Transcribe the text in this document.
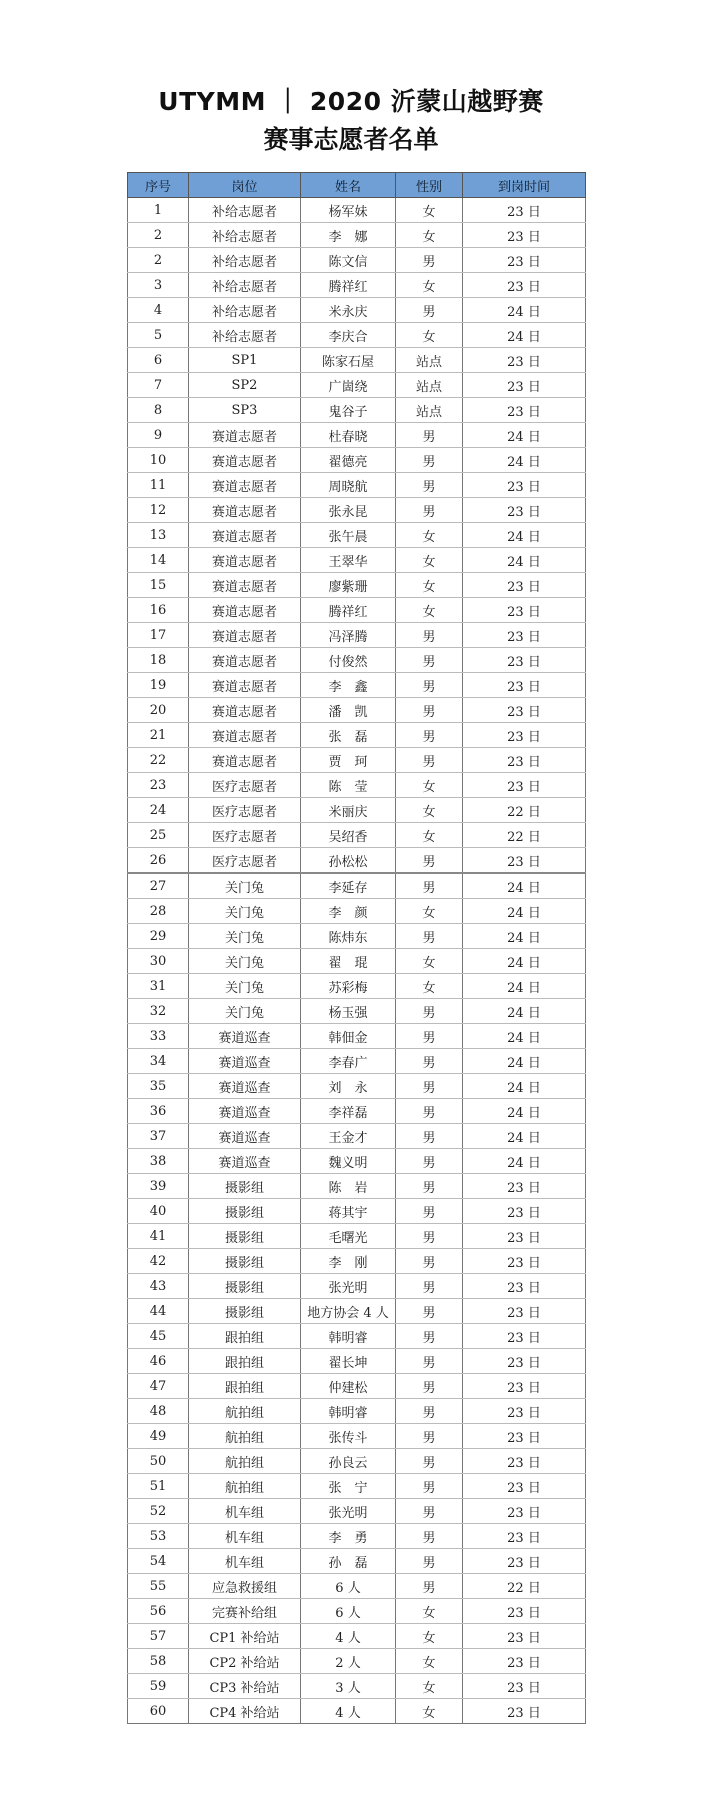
UTYMM ｜ 2020 沂蒙山越野赛
赛事志愿者名单
序号	岗位	姓名	性别	到岗时间
1	补给志愿者	杨军妹	女	23 日
2	补给志愿者	李　娜	女	23 日
2	补给志愿者	陈文信	男	23 日
3	补给志愿者	腾祥红	女	23 日
4	补给志愿者	米永庆	男	24 日
5	补给志愿者	李庆合	女	24 日
6	SP1	陈家石屋	站点	23 日
7	SP2	广崮绕	站点	23 日
8	SP3	鬼谷子	站点	23 日
9	赛道志愿者	杜春晓	男	24 日
10	赛道志愿者	翟德亮	男	24 日
11	赛道志愿者	周晓航	男	23 日
12	赛道志愿者	张永昆	男	23 日
13	赛道志愿者	张午晨	女	24 日
14	赛道志愿者	王翠华	女	24 日
15	赛道志愿者	廖紫珊	女	23 日
16	赛道志愿者	腾祥红	女	23 日
17	赛道志愿者	冯泽腾	男	23 日
18	赛道志愿者	付俊然	男	23 日
19	赛道志愿者	李　鑫	男	23 日
20	赛道志愿者	潘　凯	男	23 日
21	赛道志愿者	张　磊	男	23 日
22	赛道志愿者	贾　珂	男	23 日
23	医疗志愿者	陈　莹	女	23 日
24	医疗志愿者	米丽庆	女	22 日
25	医疗志愿者	吴绍香	女	22 日
26	医疗志愿者	孙松松	男	23 日
27	关门兔	李延存	男	24 日
28	关门兔	李　颜	女	24 日
29	关门兔	陈炜东	男	24 日
30	关门兔	翟　琨	女	24 日
31	关门兔	苏彩梅	女	24 日
32	关门兔	杨玉强	男	24 日
33	赛道巡查	韩佃金	男	24 日
34	赛道巡查	李春广	男	24 日
35	赛道巡查	刘　永	男	24 日
36	赛道巡查	李祥磊	男	24 日
37	赛道巡查	王金才	男	24 日
38	赛道巡查	魏义明	男	24 日
39	摄影组	陈　岩	男	23 日
40	摄影组	蒋其宇	男	23 日
41	摄影组	毛曙光	男	23 日
42	摄影组	李　刚	男	23 日
43	摄影组	张光明	男	23 日
44	摄影组	地方协会 4 人	男	23 日
45	跟拍组	韩明睿	男	23 日
46	跟拍组	翟长坤	男	23 日
47	跟拍组	仲建松	男	23 日
48	航拍组	韩明睿	男	23 日
49	航拍组	张传斗	男	23 日
50	航拍组	孙良云	男	23 日
51	航拍组	张　宁	男	23 日
52	机车组	张光明	男	23 日
53	机车组	李　勇	男	23 日
54	机车组	孙　磊	男	23 日
55	应急救援组	6 人	男	22 日
56	完赛补给组	6 人	女	23 日
57	CP1 补给站	4 人	女	23 日
58	CP2 补给站	2 人	女	23 日
59	CP3 补给站	3 人	女	23 日
60	CP4 补给站	4 人	女	23 日
